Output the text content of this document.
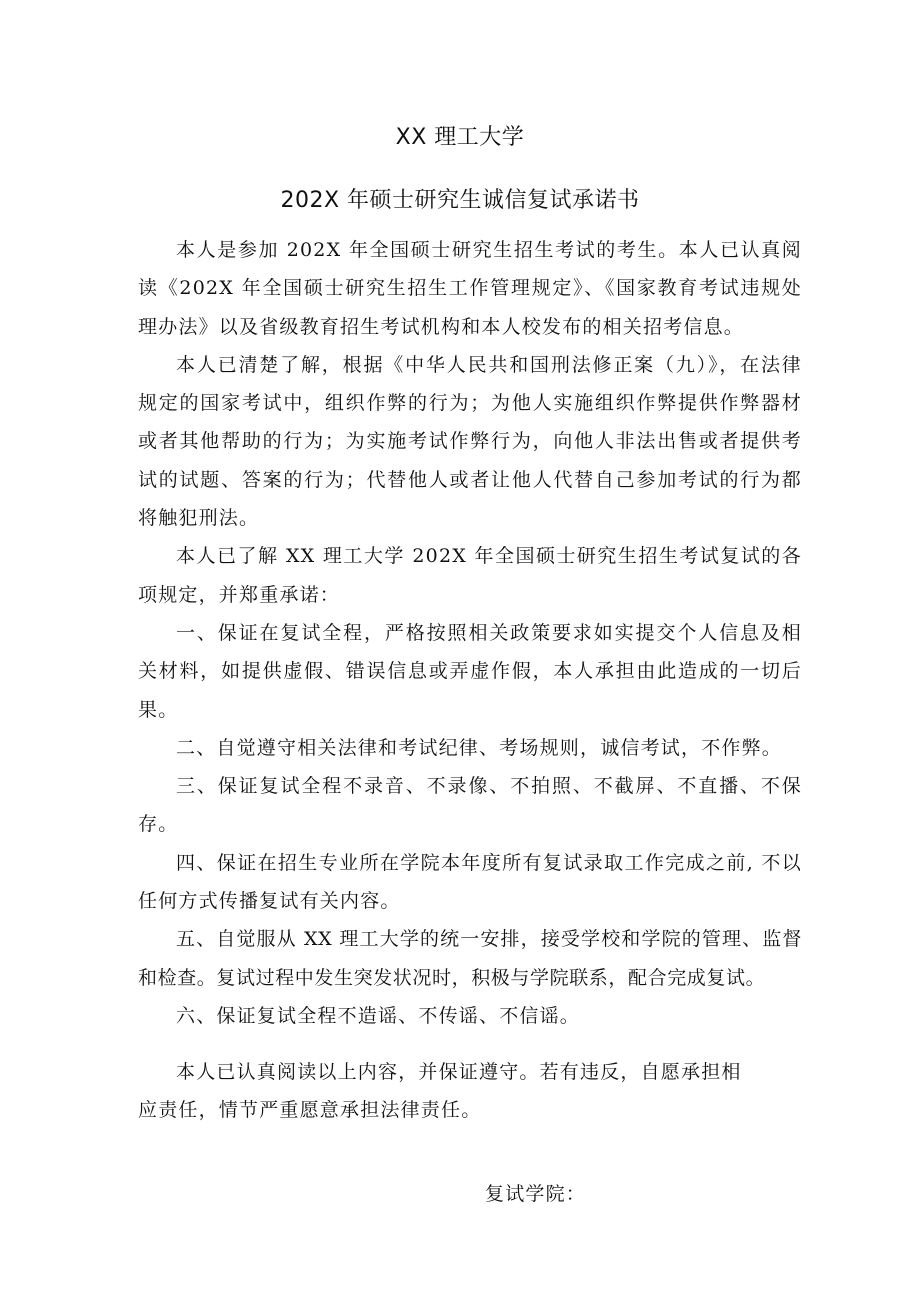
XX 理工大学
202X 年硕士研究生诚信复试承诺书

本人是参加 202X 年全国硕士研究生招生考试的考生。本人已认真阅读《202X 年全国硕士研究生招生工作管理规定》、《国家教育考试违规处理办法》以及省级教育招生考试机构和本人校发布的相关招考信息。

本人已清楚了解，根据《中华人民共和国刑法修正案（九）》，在法律规定的国家考试中，组织作弊的行为；为他人实施组织作弊提供作弊器材或者其他帮助的行为；为实施考试作弊行为，向他人非法出售或者提供考试的试题、答案的行为；代替他人或者让他人代替自己参加考试的行为都将触犯刑法。

本人已了解 XX 理工大学 202X 年全国硕士研究生招生考试复试的各项规定，并郑重承诺：

一、保证在复试全程，严格按照相关政策要求如实提交个人信息及相关材料，如提供虚假、错误信息或弄虚作假，本人承担由此造成的一切后果。

二、自觉遵守相关法律和考试纪律、考场规则，诚信考试，不作弊。

三、保证复试全程不录音、不录像、不拍照、不截屏、不直播、不保存。

四、保证在招生专业所在学院本年度所有复试录取工作完成之前, 不以任何方式传播复试有关内容。

五、自觉服从 XX 理工大学的统一安排，接受学校和学院的管理、监督和检查。复试过程中发生突发状况时，积极与学院联系，配合完成复试。

六、保证复试全程不造谣、不传谣、不信谣。

本人已认真阅读以上内容，并保证遵守。若有违反，自愿承担相

应责任，情节严重愿意承担法律责任。

复试学院：
